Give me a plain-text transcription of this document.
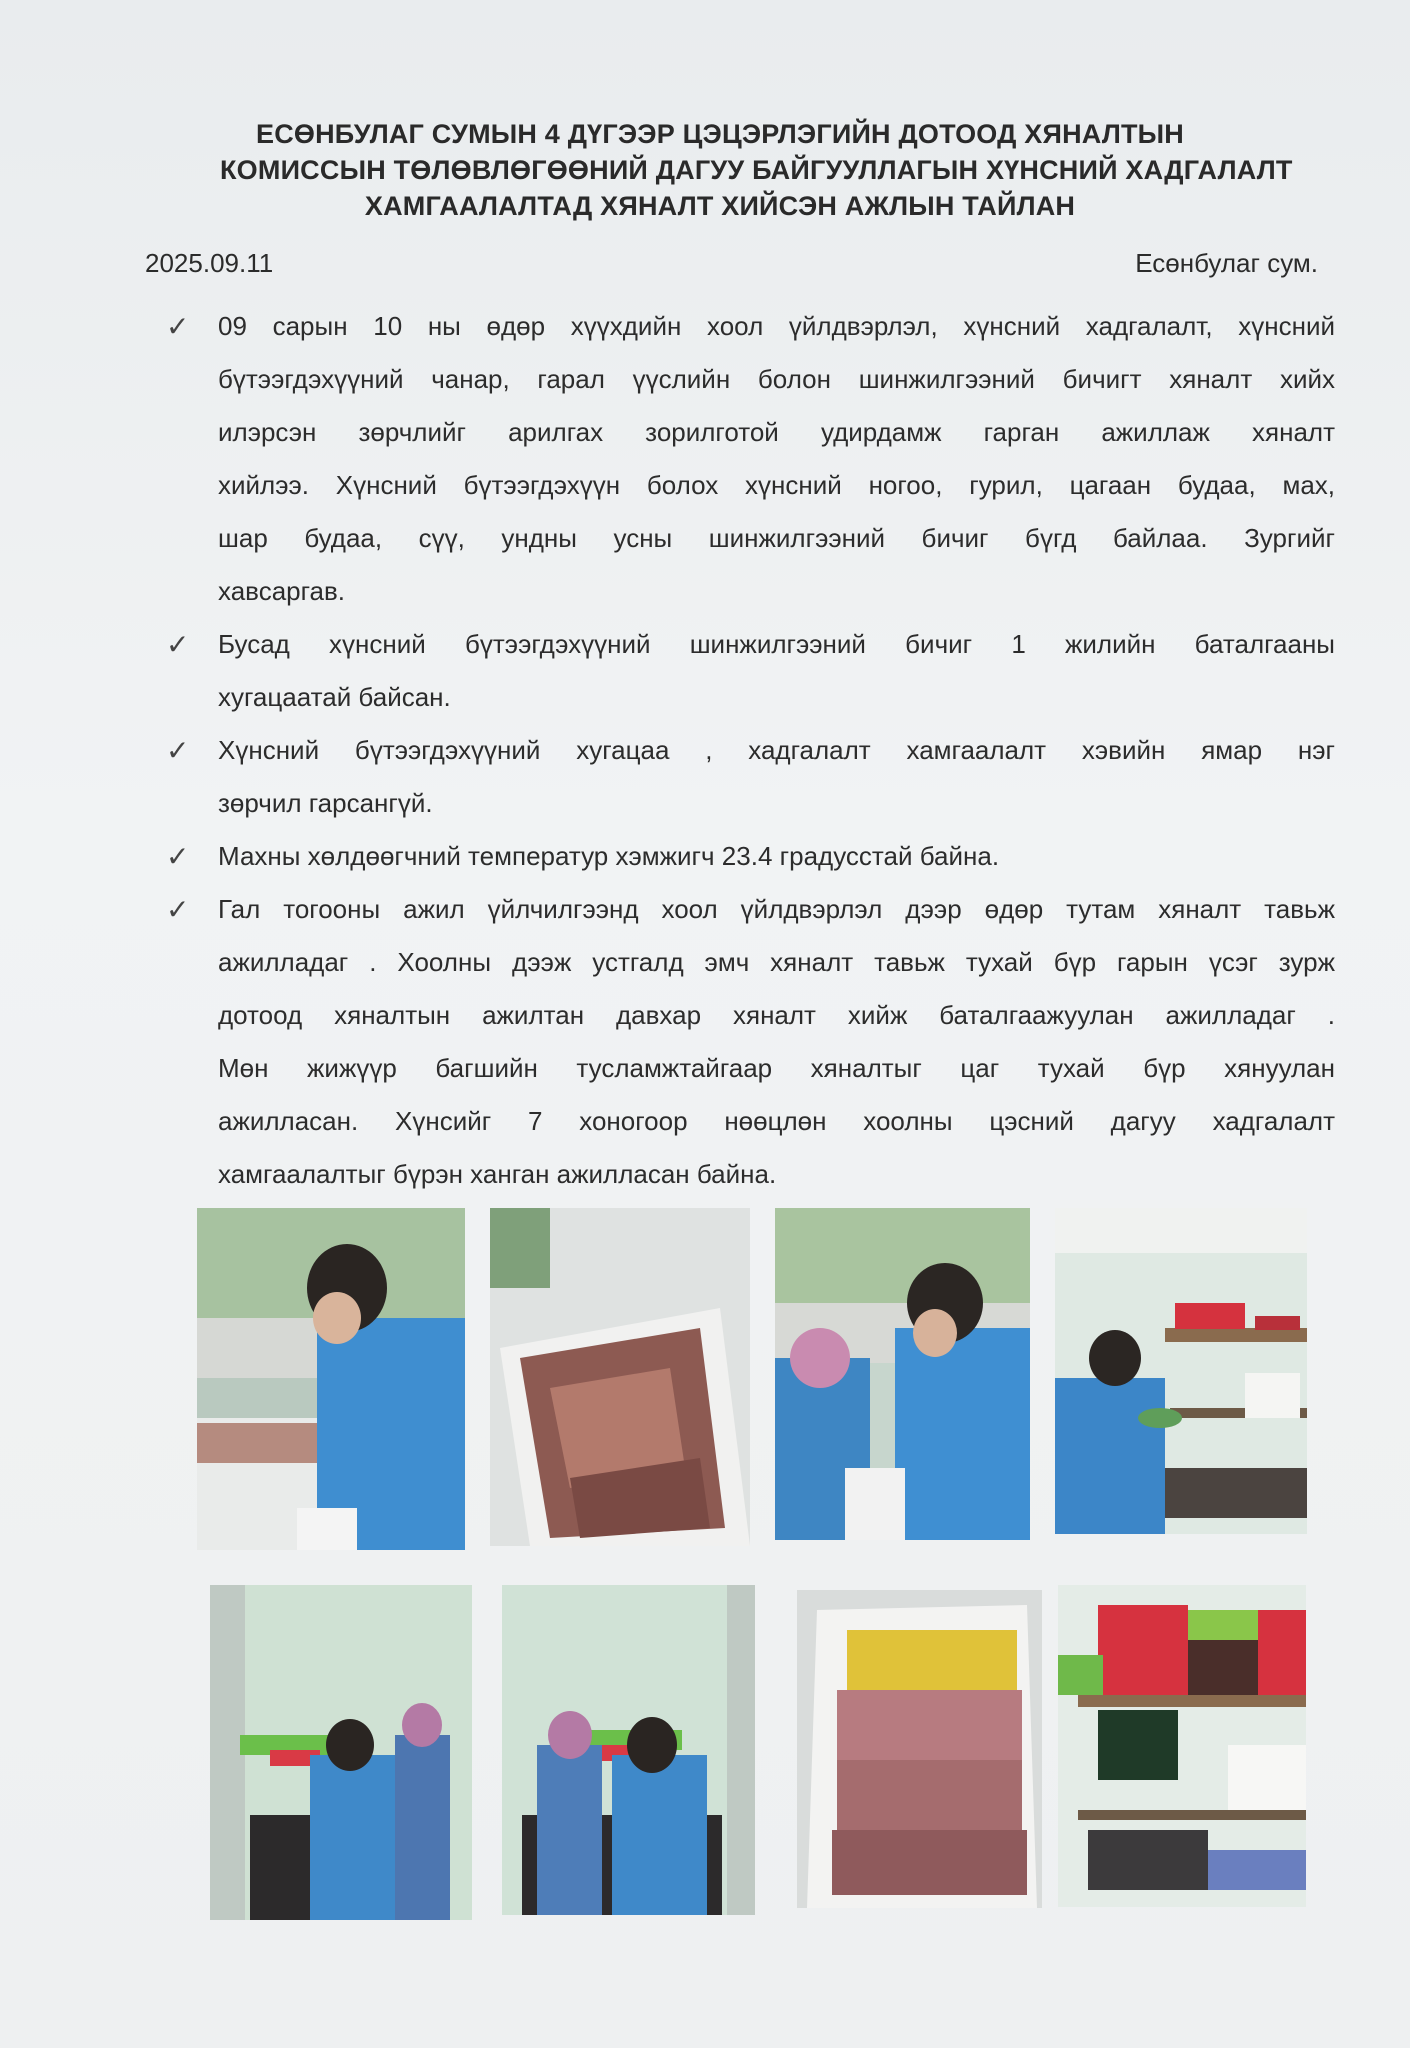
ЕСӨНБУЛАГ СУМЫН 4 ДҮГЭЭР ЦЭЦЭРЛЭГИЙН ДОТООД ХЯНАЛТЫН
КОМИССЫН ТӨЛӨВЛӨГӨӨНИЙ ДАГУУ БАЙГУУЛЛАГЫН ХҮНСНИЙ ХАДГАЛАЛТ
ХАМГААЛАЛТАД ХЯНАЛТ ХИЙСЭН АЖЛЫН ТАЙЛАН
2025.09.11	Есөнбулаг сум.
✓ 09 сарын 10 ны өдөр хүүхдийн хоол үйлдвэрлэл, хүнсний хадгалалт, хүнсний
бүтээгдэхүүний чанар, гарал үүслийн болон шинжилгээний бичигт хяналт хийх
илэрсэн зөрчлийг арилгах зорилготой удирдамж гарган ажиллаж хяналт
хийлээ. Хүнсний бүтээгдэхүүн болох хүнсний ногоо, гурил, цагаан будаа, мах,
шар будаа, сүү, ундны усны шинжилгээний бичиг бүгд байлаа. Зургийг
хавсаргав.
✓ Бусад хүнсний бүтээгдэхүүний шинжилгээний бичиг 1 жилийн баталгааны
хугацаатай байсан.
✓ Хүнсний бүтээгдэхүүний хугацаа , хадгалалт хамгаалалт хэвийн ямар нэг
зөрчил гарсангүй.
✓ Махны хөлдөөгчний температур хэмжигч 23.4 градусстай байна.
✓ Гал тогооны ажил үйлчилгээнд хоол үйлдвэрлэл дээр өдөр тутам хяналт тавьж
ажилладаг . Хоолны дээж устгалд эмч хяналт тавьж тухай бүр гарын үсэг зурж
дотоод хяналтын ажилтан давхар хяналт хийж баталгаажуулан ажилладаг .
Мөн жижүүр багшийн тусламжтайгаар хяналтыг цаг тухай бүр хянуулан
ажилласан. Хүнсийг 7 хоногоор нөөцлөн хоолны цэсний дагуу хадгалалт
хамгаалалтыг бүрэн ханган ажилласан байна.
